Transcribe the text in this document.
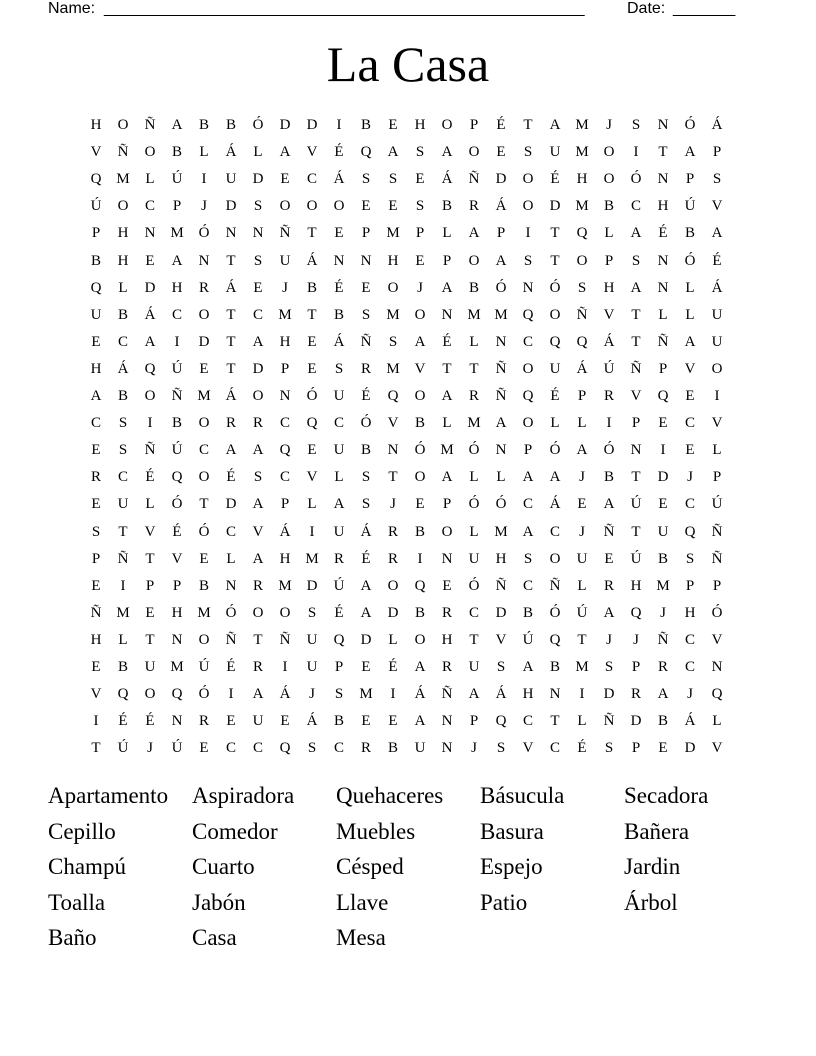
Name: ______________________________________________________	Date: _______
La Casa
H	O	Ñ	A	B	B	Ó	D	D	I	B	E	H	O	P	É	T	A M	J	S	N	Ó	Á
V	Ñ	O	B	L	Á	L	A	V	É	Q	A	S	A	O	E	S	U M O	I	T	A	P
Q M	L	Ú	I	U	D	E	C	Á	S	S	E	Á	Ñ	D	O	É	H	O	Ó	N	P	S
Ú	O	C	P	J	D	S	O	O	O	E	E	S	B	R	Á	O	D M	B	C	H	Ú	V
P	H	N M Ó	N	N	Ñ	T	E	P	M	P	L	A	P	I	T	Q	L	A	É	B	A
B	H	E	A	N	T	S	U	Á	N	N	H	E	P	O	A	S	T	O	P	S	N	Ó	É
Q	L	D	H	R	Á	E	J	B	É	E	O	J	A	B	Ó	N	Ó	S	H	A	N	L	Á
U	B	Á	C	O	T	C	M	T	B	S	M O	N M M Q	O	Ñ	V	T	L	L	U
E	C	A	I	D	T	A	H	E	Á	Ñ	S	A	É	L	N	C	Q	Q	Á	T	Ñ	A	U
H	Á	Q	Ú	E	T	D	P	E	S	R	M V	T	T	Ñ	O	U	Á	Ú	Ñ	P	V	O
A	B	O	Ñ M Á	O	N	Ó	U	É	Q	O	A	R	Ñ	Q	É	P	R	V	Q	E	I
C	S	I	B	O	R	R	C	Q	C	Ó	V	B	L	M A	O	L	L	I	P	E	C	V
E	S	Ñ	Ú	C	A	A	Q	E	U	B	N	Ó M Ó	N	P	Ó	A	Ó	N	I	E	L
R	C	É	Q	O	É	S	C	V	L	S	T	O	A	L	L	A	A	J	B	T	D	J	P
E	U	L	Ó	T	D	A	P	L	A	S	J	E	P	Ó	Ó	C	Á	E	A	Ú	E	C	Ú
S	T	V	É	Ó	C	V	Á	I	U	Á	R	B	O	L	M A	C	J	Ñ	T	U	Q	Ñ
P	Ñ	T	V	E	L	A	H M	R	É	R	I	N	U	H	S	O	U	E	Ú	B	S	Ñ
E	I	P	P	B	N	R	M D	Ú	A	O	Q	E	Ó	Ñ	C	Ñ	L	R	H M	P	P
Ñ M	E	H M Ó	O	O	S	É	A	D	B	R	C	D	B	Ó	Ú	A	Q	J	H	Ó
H	L	T	N	O	Ñ	T	Ñ	U	Q	D	L	O	H	T	V	Ú	Q	T	J	J	Ñ	C	V
E	B	U M Ú	É	R	I	U	P	E	É	A	R	U	S	A	B	M	S	P	R	C	N
V	Q	O	Q	Ó	I	A	Á	J	S	M	I	Á	Ñ	A	Á	H	N	I	D	R	A	J	Q
I	É	É	N	R	E	U	E	Á	B	E	E	A	N	P	Q	C	T	L	Ñ	D	B	Á	L
T	Ú	J	Ú	E	C	C	Q	S	C	R	B	U	N	J	S	V	C	É	S	P	E	D	V
Apartamento	Aspiradora	Quehaceres	Básucula	Secadora
Cepillo	Comedor	Muebles	Basura	Bañera
Champú	Cuarto	Césped	Espejo	Jardin
Toalla	Jabón	Llave	Patio	Árbol
Baño	Casa	Mesa
